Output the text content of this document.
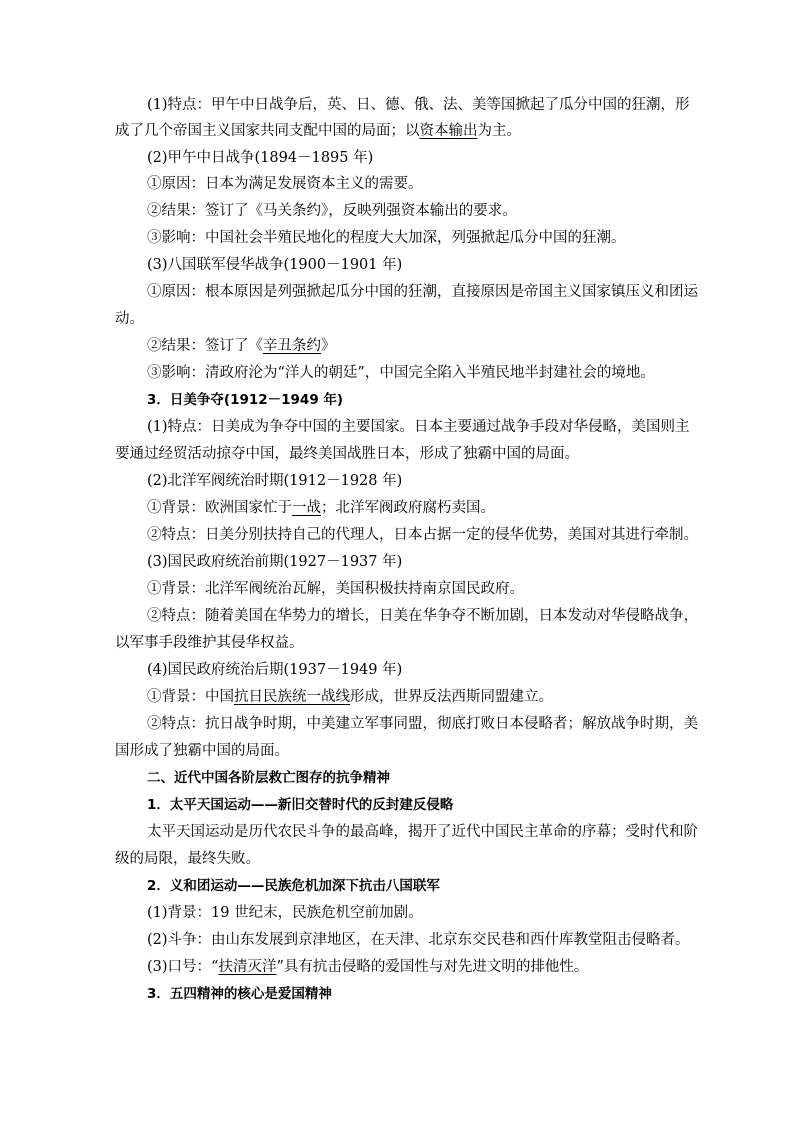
(1)特点：甲午中日战争后，英、日、德、俄、法、美等国掀起了瓜分中国的狂潮，形
成了几个帝国主义国家共同支配中国的局面；以资本输出为主。
(2)甲午中日战争(1894－1895 年)
①原因：日本为满足发展资本主义的需要。
②结果：签订了《马关条约》，反映列强资本输出的要求。
③影响：中国社会半殖民地化的程度大大加深，列强掀起瓜分中国的狂潮。
(3)八国联军侵华战争(1900－1901 年)
①原因：根本原因是列强掀起瓜分中国的狂潮，直接原因是帝国主义国家镇压义和团运
动。
②结果：签订了《辛丑条约》
③影响：清政府沦为“洋人的朝廷”，中国完全陷入半殖民地半封建社会的境地。
3．日美争夺(1912－1949 年)
(1)特点：日美成为争夺中国的主要国家。日本主要通过战争手段对华侵略，美国则主
要通过经贸活动掠夺中国，最终美国战胜日本，形成了独霸中国的局面。
(2)北洋军阀统治时期(1912－1928 年)
①背景：欧洲国家忙于一战；北洋军阀政府腐朽卖国。
②特点：日美分别扶持自己的代理人，日本占据一定的侵华优势，美国对其进行牵制。
(3)国民政府统治前期(1927－1937 年)
①背景：北洋军阀统治瓦解，美国积极扶持南京国民政府。
②特点：随着美国在华势力的增长，日美在华争夺不断加剧，日本发动对华侵略战争，
以军事手段维护其侵华权益。
(4)国民政府统治后期(1937－1949 年)
①背景：中国抗日民族统一战线形成，世界反法西斯同盟建立。
②特点：抗日战争时期，中美建立军事同盟，彻底打败日本侵略者；解放战争时期，美
国形成了独霸中国的局面。
二、近代中国各阶层救亡图存的抗争精神
1．太平天国运动——新旧交替时代的反封建反侵略
太平天国运动是历代农民斗争的最高峰，揭开了近代中国民主革命的序幕；受时代和阶
级的局限，最终失败。
2．义和团运动——民族危机加深下抗击八国联军
(1)背景：19 世纪末，民族危机空前加剧。
(2)斗争：由山东发展到京津地区，在天津、北京东交民巷和西什库教堂阻击侵略者。
(3)口号：“扶清灭洋”具有抗击侵略的爱国性与对先进文明的排他性。
3．五四精神的核心是爱国精神
